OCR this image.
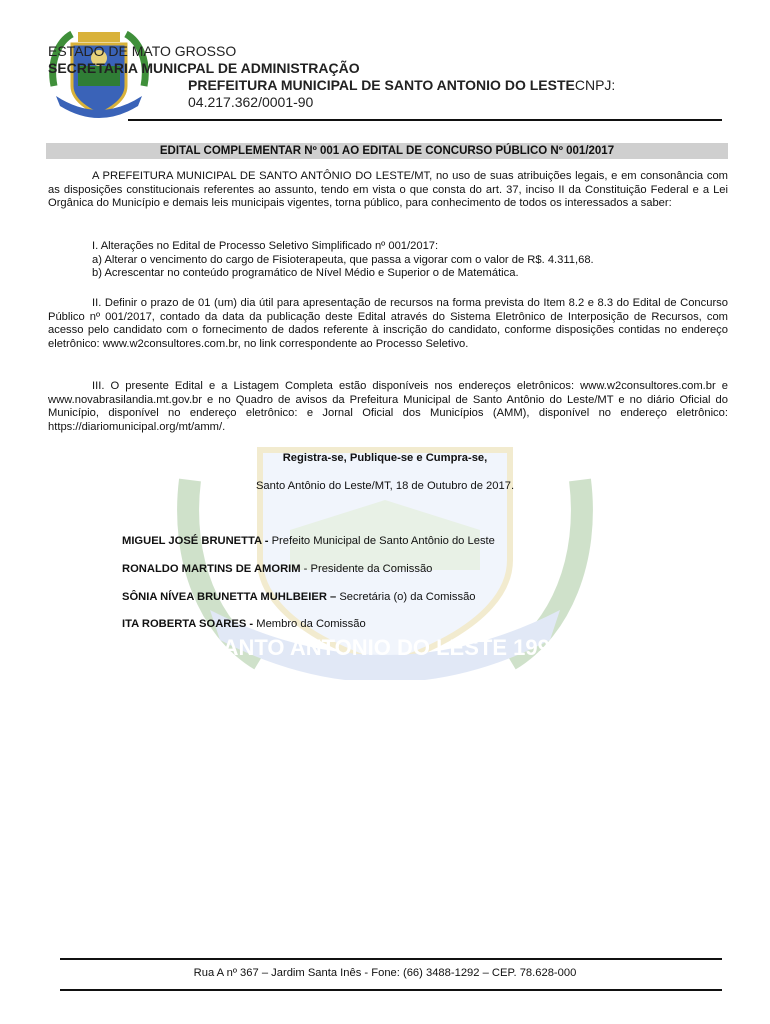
ESTADO DE MATO GROSSO
SECRETARIA MUNICPAL DE ADMINISTRAÇÃO
PREFEITURA MUNICIPAL DE SANTO ANTONIO DO LESTECNPJ:
04.217.362/0001-90
SANTO ANTONIO DO LESTE 1998
EDITAL COMPLEMENTAR Nº 001 AO EDITAL DE CONCURSO PÚBLICO Nº 001/2017
A PREFEITURA MUNICIPAL DE SANTO ANTÔNIO DO LESTE/MT, no uso de suas atribuições legais, e em consonância com as disposições constitucionais referentes ao assunto, tendo em vista o que consta do art. 37, inciso II da Constituição Federal e a Lei Orgânica do Município e demais leis municipais vigentes, torna público, para conhecimento de todos os interessados a saber:
I. Alterações no Edital de Processo Seletivo Simplificado nº 001/2017:
a) Alterar o vencimento do cargo de Fisioterapeuta, que passa a vigorar com o valor de R$. 4.311,68.
b) Acrescentar no conteúdo programático de Nível Médio e Superior o de Matemática.
II. Definir o prazo de 01 (um) dia útil para apresentação de recursos na forma prevista do Item 8.2 e 8.3 do Edital de Concurso Público nº 001/2017, contado da data da publicação deste Edital através do Sistema Eletrônico de Interposição de Recursos, com acesso pelo candidato com o fornecimento de dados referente à inscrição do candidato, conforme disposições contidas no endereço eletrônico: www.w2consultores.com.br, no link correspondente ao Processo Seletivo.
III. O presente Edital e a Listagem Completa estão disponíveis nos endereços eletrônicos: www.w2consultores.com.br e www.novabrasilandia.mt.gov.br e no Quadro de avisos da Prefeitura Municipal de Santo Antônio do Leste/MT e no diário Oficial do Município, disponível no endereço eletrônico: e Jornal Oficial dos Municípios (AMM), disponível no endereço eletrônico: https://diariomunicipal.org/mt/amm/.
Registra-se, Publique-se e Cumpra-se,
Santo Antônio do Leste/MT, 18 de Outubro de 2017.
MIGUEL JOSÉ BRUNETTA - Prefeito Municipal de Santo Antônio do Leste
RONALDO MARTINS DE AMORIM - Presidente da Comissão
SÔNIA NÍVEA BRUNETTA MUHLBEIER – Secretária (o) da Comissão
ITA ROBERTA SOARES - Membro da Comissão
Rua A nº 367 – Jardim Santa Inês - Fone: (66) 3488-1292 – CEP. 78.628-000
